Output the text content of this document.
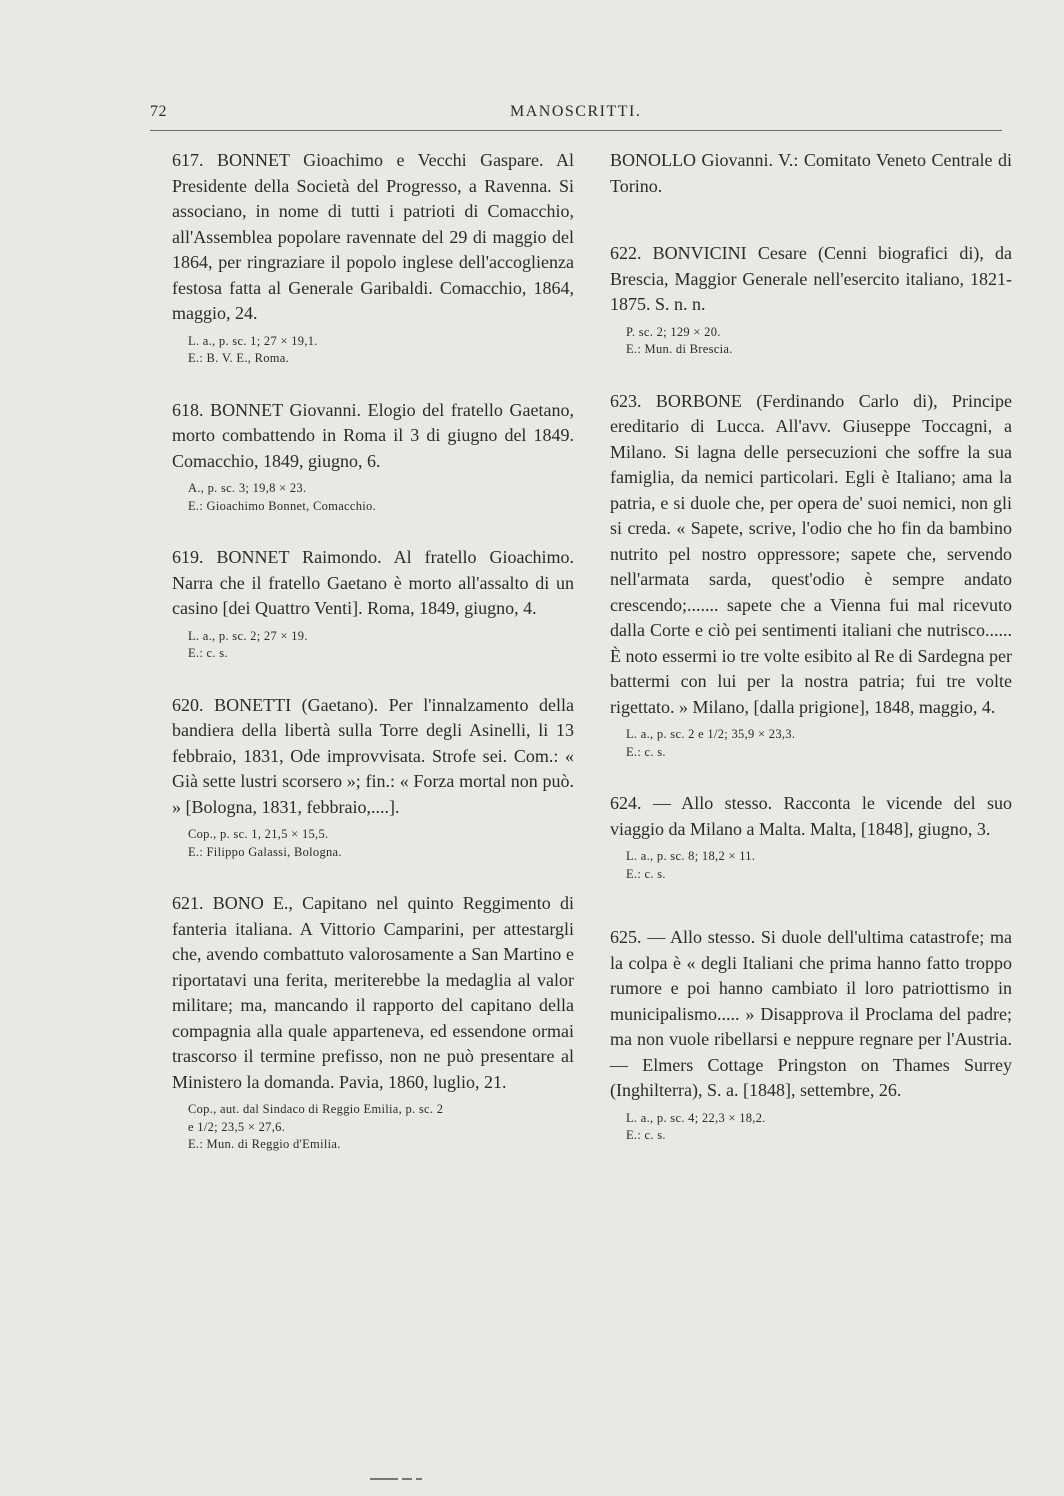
72	MANOSCRITTI.

617. BONNET Gioachimo e Vecchi Gaspare. Al Presidente della Società del Progresso, a Ravenna. Si associano, in nome di tutti i patrioti di Comacchio, all'Assemblea popolare ravennate del 29 di maggio del 1864, per ringraziare il popolo inglese dell'accoglienza festosa fatta al Generale Garibaldi. Comacchio, 1864, maggio, 24.

L. a., p. sc. 1; 27 × 19,1.
E.: B. V. E., Roma.

618. BONNET Giovanni. Elogio del fratello Gaetano, morto combattendo in Roma il 3 di giugno del 1849. Comacchio, 1849, giugno, 6.

A., p. sc. 3; 19,8 × 23.
E.: Gioachimo Bonnet, Comacchio.

619. BONNET Raimondo. Al fratello Gioachimo. Narra che il fratello Gaetano è morto all'assalto di un casino [dei Quattro Venti]. Roma, 1849, giugno, 4.

L. a., p. sc. 2; 27 × 19.
E.: c. s.

620. BONETTI (Gaetano). Per l'innalzamento della bandiera della libertà sulla Torre degli Asinelli, li 13 febbraio, 1831, Ode improvvisata. Strofe sei. Com.: « Già sette lustri scorsero »; fin.: « Forza mortal non può. » [Bologna, 1831, febbraio,....].

Cop., p. sc. 1, 21,5 × 15,5.
E.: Filippo Galassi, Bologna.

621. BONO E., Capitano nel quinto Reggimento di fanteria italiana. A Vittorio Camparini, per attestargli che, avendo combattuto valorosamente a San Martino e riportatavi una ferita, meriterebbe la medaglia al valor militare; ma, mancando il rapporto del capitano della compagnia alla quale apparteneva, ed essendone ormai trascorso il termine prefisso, non ne può presentare al Ministero la domanda. Pavia, 1860, luglio, 21.

Cop., aut. dal Sindaco di Reggio Emilia, p. sc. 2
e 1/2; 23,5 × 27,6.
E.: Mun. di Reggio d'Emilia.

BONOLLO Giovanni. V.: Comitato Veneto Centrale di Torino.

622. BONVICINI Cesare (Cenni biografici di), da Brescia, Maggior Generale nell'esercito italiano, 1821-1875. S. n. n.

P. sc. 2; 129 × 20.
E.: Mun. di Brescia.

623. BORBONE (Ferdinando Carlo di), Principe ereditario di Lucca. All'avv. Giuseppe Toccagni, a Milano. Si lagna delle persecuzioni che soffre la sua famiglia, da nemici particolari. Egli è Italiano; ama la patria, e si duole che, per opera de' suoi nemici, non gli si creda. « Sapete, scrive, l'odio che ho fin da bambino nutrito pel nostro oppressore; sapete che, servendo nell'armata sarda, quest'odio è sempre andato crescendo;....... sapete che a Vienna fui mal ricevuto dalla Corte e ciò pei sentimenti italiani che nutrisco...... È noto essermi io tre volte esibito al Re di Sardegna per battermi con lui per la nostra patria; fui tre volte rigettato. » Milano, [dalla prigione], 1848, maggio, 4.

L. a., p. sc. 2 e 1/2; 35,9 × 23,3.
E.: c. s.

624. — Allo stesso. Racconta le vicende del suo viaggio da Milano a Malta. Malta, [1848], giugno, 3.

L. a., p. sc. 8; 18,2 × 11.
E.: c. s.

625. — Allo stesso. Si duole dell'ultima catastrofe; ma la colpa è « degli Italiani che prima hanno fatto troppo rumore e poi hanno cambiato il loro patriottismo in municipalismo..... » Disapprova il Proclama del padre; ma non vuole ribellarsi e neppure regnare per l'Austria. — Elmers Cottage Pringston on Thames Surrey (Inghilterra), S. a. [1848], settembre, 26.

L. a., p. sc. 4; 22,3 × 18,2.
E.: c. s.
